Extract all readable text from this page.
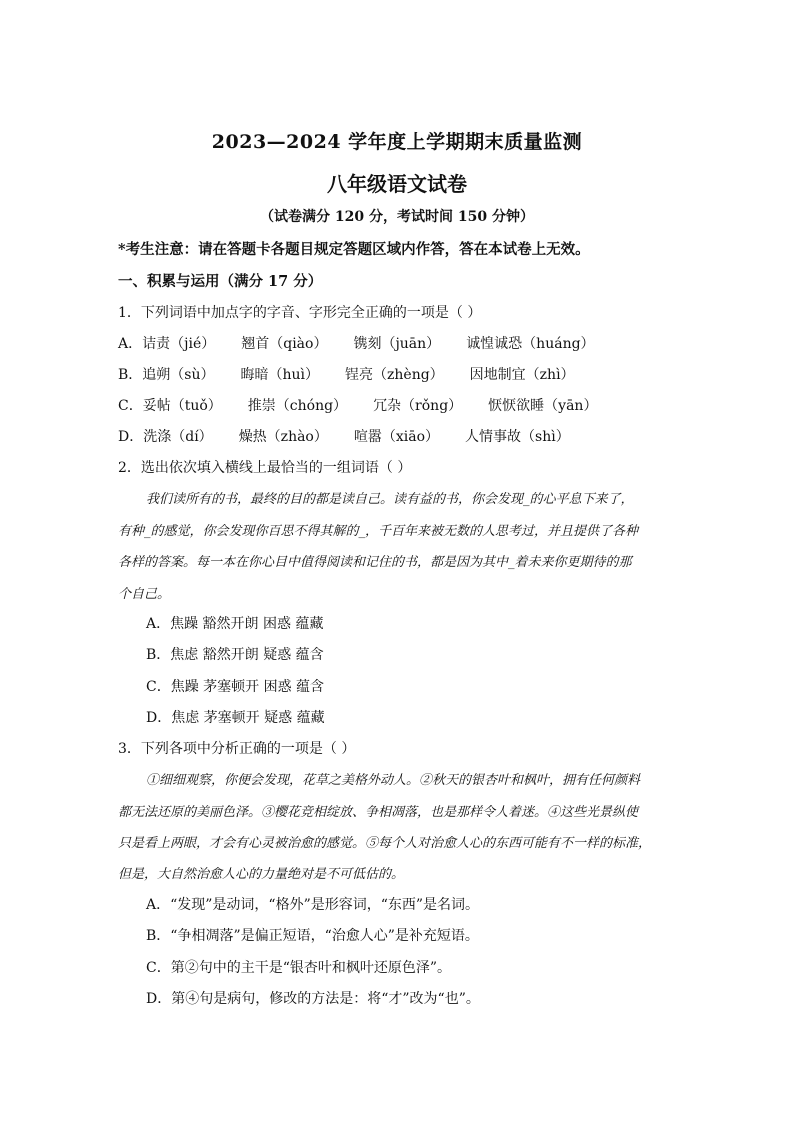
2023—2024 学年度上学期期末质量监测
八年级语文试卷
（试卷满分 120 分，考试时间 150 分钟）
*考生注意：请在答题卡各题目规定答题区域内作答，答在本试卷上无效。
一、积累与运用（满分 17 分）
1．下列词语中加点字的字音、字形完全正确的一项是（ ）
A．诘责（jié） 翘首（qiào） 镌刻（juān） 诚惶诚恐（huáng）
B．追朔（sù） 晦暗（huì） 锃亮（zhèng） 因地制宜（zhì）
C．妥帖（tuǒ） 推崇（chóng） 冗杂（rǒng） 恹恹欲睡（yān）
D．洗涤（dí） 燥热（zhào） 喧嚣（xiāo） 人情事故（shì）
2．选出依次填入横线上最恰当的一组词语（ ）
我们读所有的书，最终的目的都是读自己。读有益的书，你会发现_的心平息下来了，
有种_的感觉，你会发现你百思不得其解的_，千百年来被无数的人思考过，并且提供了各种
各样的答案。每一本在你心目中值得阅读和记住的书，都是因为其中_着未来你更期待的那
个自己。
A．焦躁 豁然开朗 困惑 蕴藏
B．焦虑 豁然开朗 疑惑 蕴含
C．焦躁 茅塞顿开 困惑 蕴含
D．焦虑 茅塞顿开 疑惑 蕴藏
3．下列各项中分析正确的一项是（ ）
①细细观察，你便会发现，花草之美格外动人。②秋天的银杏叶和枫叶，拥有任何颜料
都无法还原的美丽色泽。③樱花竞相绽放、争相凋落，也是那样令人着迷。④这些光景纵使
只是看上两眼，才会有心灵被治愈的感觉。⑤每个人对治愈人心的东西可能有不一样的标准，
但是，大自然治愈人心的力量绝对是不可低估的。
A．“发现”是动词，“格外”是形容词，“东西”是名词。
B．“争相凋落”是偏正短语，“治愈人心”是补充短语。
C．第②句中的主干是“银杏叶和枫叶还原色泽”。
D．第④句是病句，修改的方法是：将“才”改为“也”。
